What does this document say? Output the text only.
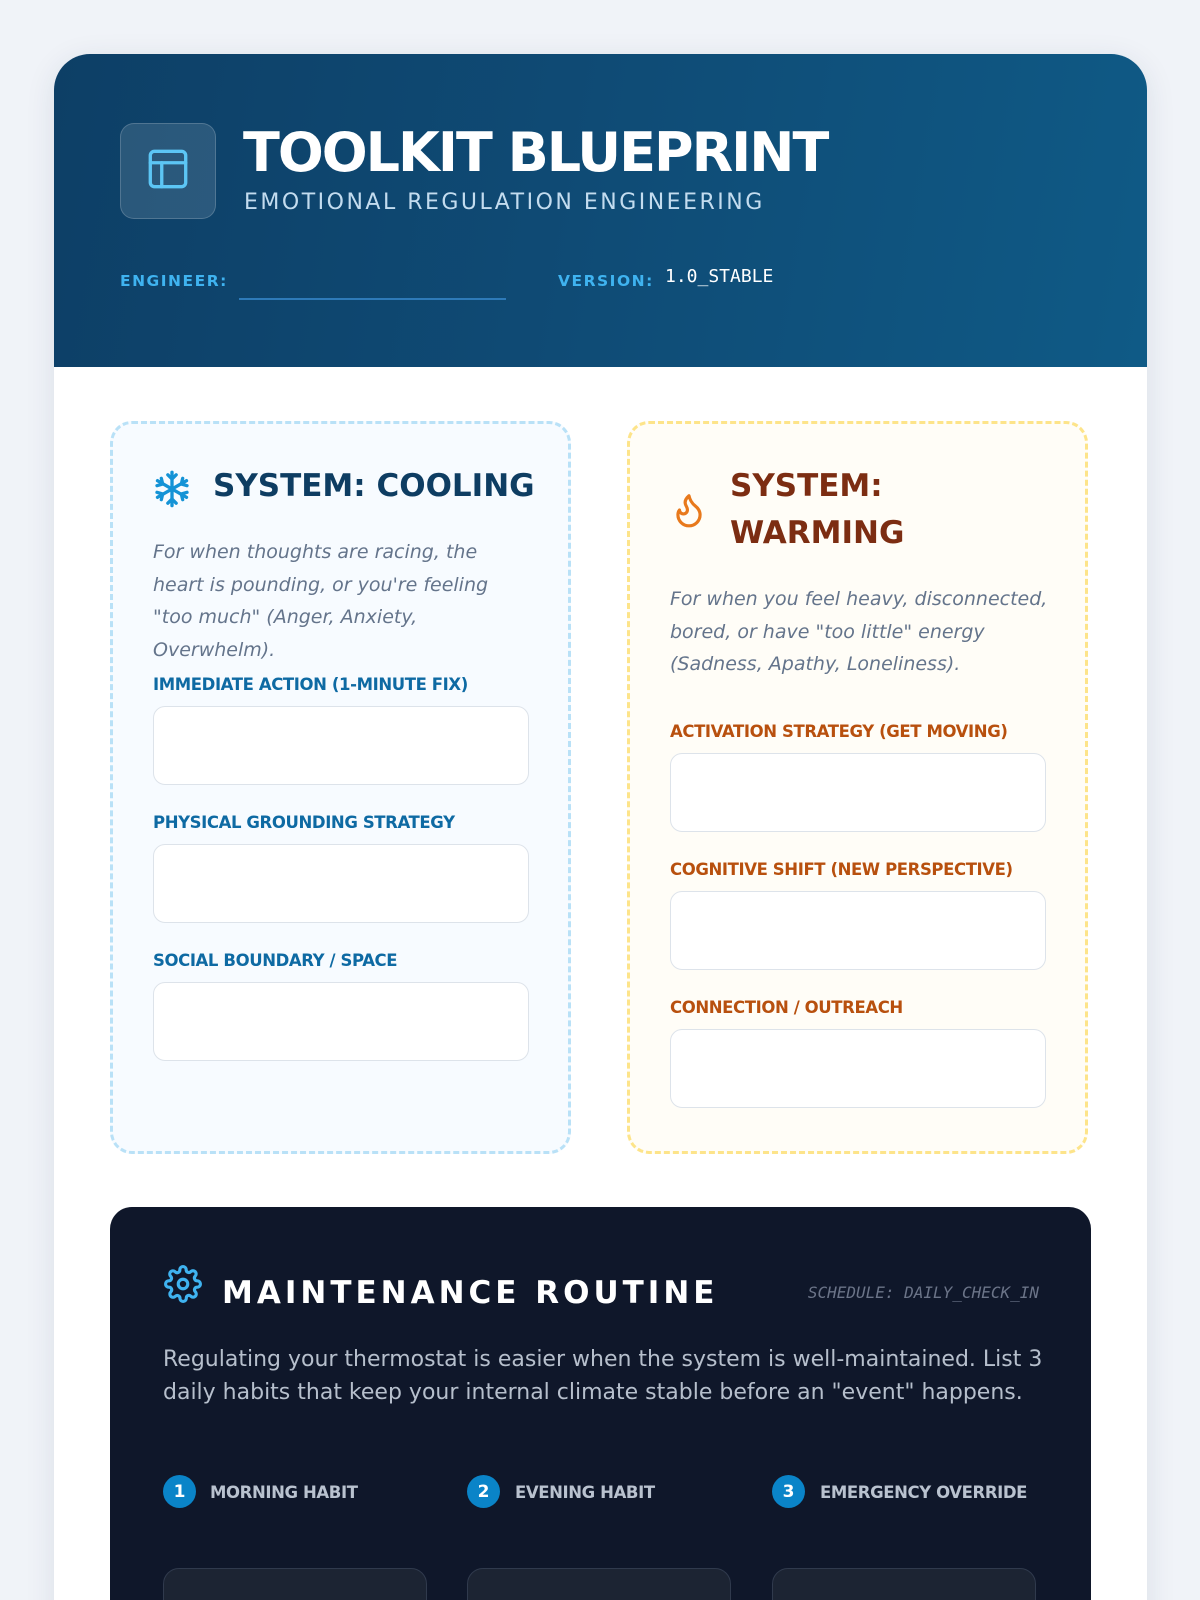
TOOLKIT BLUEPRINT
EMOTIONAL REGULATION ENGINEERING
ENGINEER:	VERSION: 1.0_STABLE
SYSTEM: COOLING
For when thoughts are racing, the heart is pounding, or you're feeling "too much" (Anger, Anxiety, Overwhelm).
IMMEDIATE ACTION (1-MINUTE FIX)
PHYSICAL GROUNDING STRATEGY
SOCIAL BOUNDARY / SPACE
SYSTEM:
WARMING
For when you feel heavy, disconnected, bored, or have "too little" energy (Sadness, Apathy, Loneliness).
ACTIVATION STRATEGY (GET MOVING)
COGNITIVE SHIFT (NEW PERSPECTIVE)
CONNECTION / OUTREACH
MAINTENANCE ROUTINE	SCHEDULE: DAILY_CHECK_IN
Regulating your thermostat is easier when the system is well-maintained. List 3 daily habits that keep your internal climate stable before an "event" happens.
1	MORNING HABIT	2	EVENING HABIT	3	EMERGENCY OVERRIDE
